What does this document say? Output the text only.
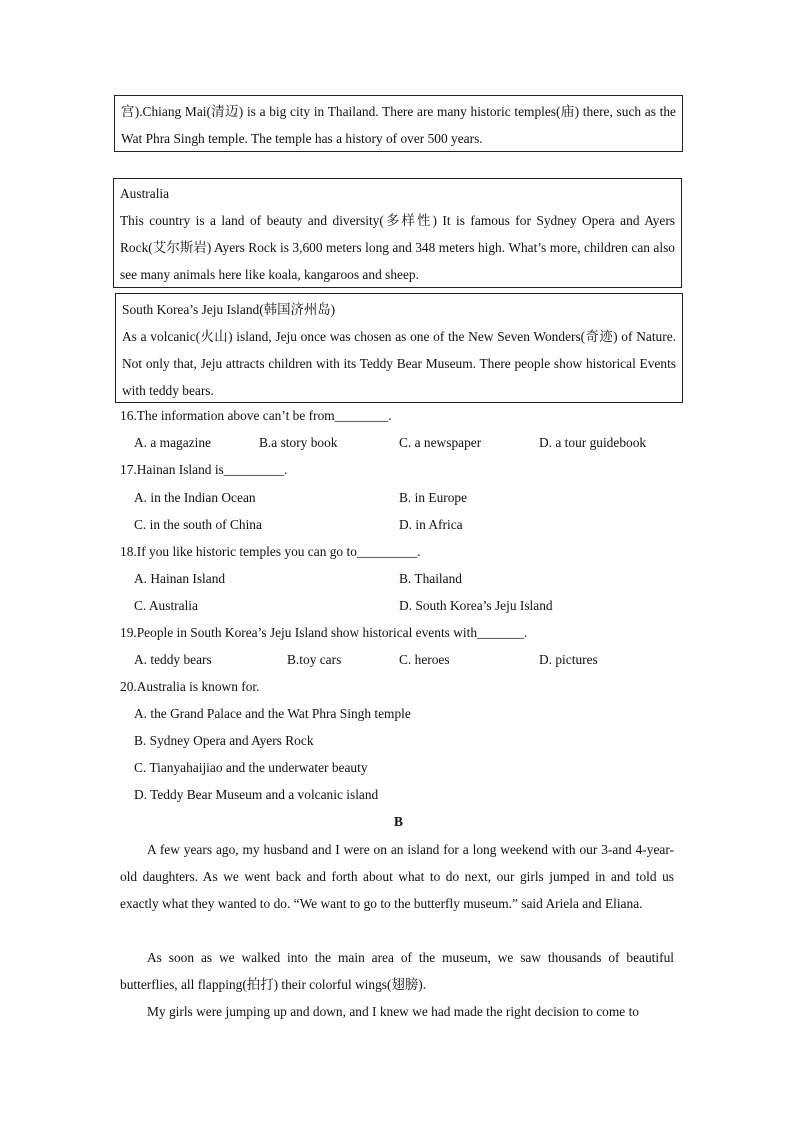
宫).Chiang Mai(清迈) is a big city in Thailand. There are many historic temples(庙) there, such as the Wat Phra Singh temple. The temple has a history of over 500 years.

Australia

This country is a land of beauty and diversity(多样性) It is famous for Sydney Opera and Ayers Rock(艾尔斯岩) Ayers Rock is 3,600 meters long and 348 meters high. What’s more, children can also see many animals here like koala, kangaroos and sheep.

South Korea’s Jeju Island(韩国济州岛)

As a volcanic(火山) island, Jeju once was chosen as one of the New Seven Wonders(奇迹) of Nature. Not only that, Jeju attracts children with its Teddy Bear Museum. There people show historical Events with teddy bears.

16.The information above can’t be from________.
A. a magazine	B.a story book	C. a newspaper	D. a tour guidebook
17.Hainan Island is_________.
A. in the Indian Ocean	B. in Europe
C. in the south of China	D. in Africa
18.If you like historic temples you can go to_________.
A. Hainan Island	B. Thailand
C. Australia	D. South Korea’s Jeju Island
19.People in South Korea’s Jeju Island show historical events with_______.
A. teddy bears	B.toy cars	C. heroes	D. pictures
20.Australia is known for.
A. the Grand Palace and the Wat Phra Singh temple
B. Sydney Opera and Ayers Rock
C. Tianyahaijiao and the underwater beauty
D. Teddy Bear Museum and a volcanic island
B

A few years ago, my husband and I were on an island for a long weekend with our 3-and 4-year-old daughters. As we went back and forth about what to do next, our girls jumped in and told us exactly what they wanted to do. “We want to go to the butterfly museum.” said Ariela and Eliana.

As soon as we walked into the main area of the museum, we saw thousands of beautiful butterflies, all flapping(拍打) their colorful wings(翅膀).

My girls were jumping up and down, and I knew we had made the right decision to come to
